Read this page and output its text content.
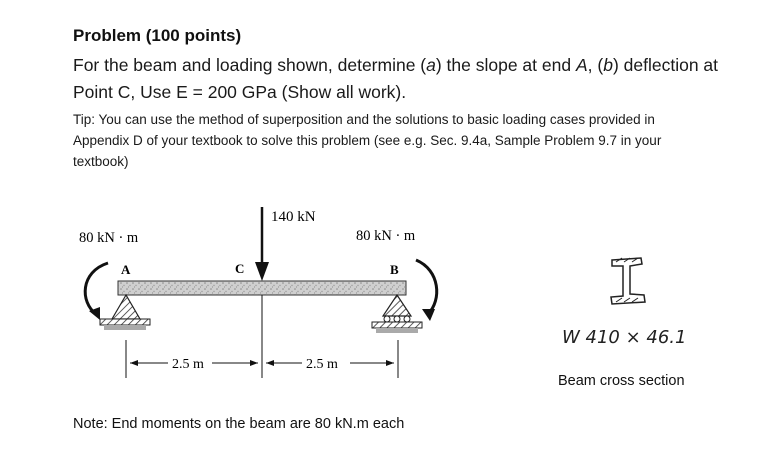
Problem (100 points)
For the beam and loading shown, determine (a) the slope at end A, (b) deflection at
Point C, Use E = 200 GPa (Show all work).
Tip: You can use the method of superposition and the solutions to basic loading cases provided in
Appendix D of your textbook to solve this problem (see e.g. Sec. 9.4a, Sample Problem 9.7 in your
textbook)
140 kN
80 kN · m	80 kN · m
A	C	B
2.5 m	2.5 m
W 410 × 46.1
Beam cross section
Note: End moments on the beam are 80 kN.m each
